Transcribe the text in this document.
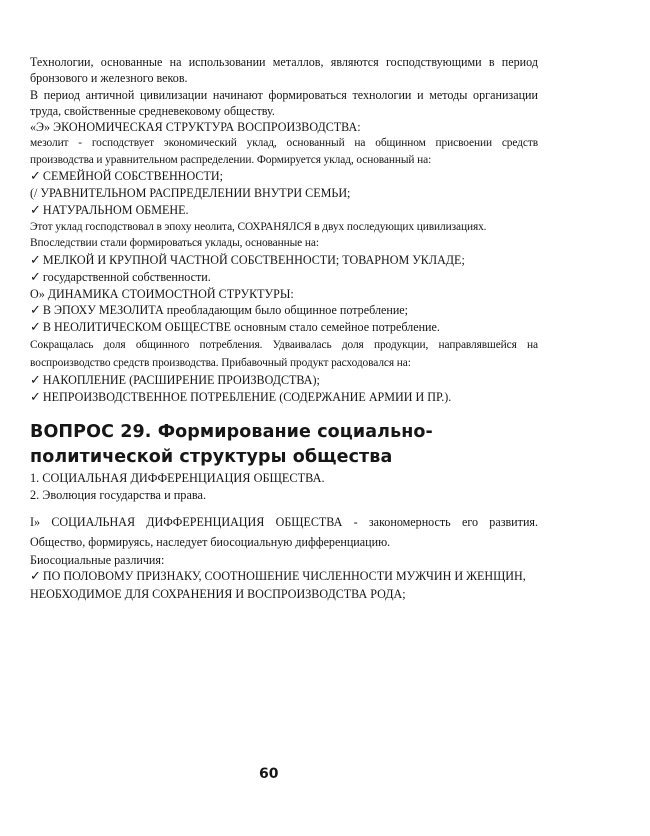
Технологии, основанные на использовании металлов, являются господствующими в период бронзового и железного веков.

В период античной цивилизации начинают формироваться технологии и методы организации труда, свойственные средневековому обществу.

«Э» ЭКОНОМИЧЕСКАЯ СТРУКТУРА ВОСПРОИЗВОДСТВА:

мезолит - господствует экономический уклад, основанный на общинном присвоении средств производства и уравнительном распределении. Формируется уклад, основанный на:

✓ СЕМЕЙНОЙ СОБСТВЕННОСТИ;

(/ УРАВНИТЕЛЬНОМ РАСПРЕДЕЛЕНИИ ВНУТРИ СЕМЬИ;

✓ НАТУРАЛЬНОМ ОБМЕНЕ.

Этот уклад господствовал в эпоху неолита, СОХРАНЯЛСЯ в двух последующих цивилизациях.

Впоследствии стали формироваться уклады, основанные на:

✓ МЕЛКОЙ И КРУПНОЙ ЧАСТНОЙ СОБСТВЕННОСТИ; ТОВАРНОМ УКЛАДЕ;

✓ государственной собственности.

О» ДИНАМИКА СТОИМОСТНОЙ СТРУКТУРЫ:

✓ В ЭПОХУ МЕЗОЛИТА преобладающим было общинное потребление;

✓ В НЕОЛИТИЧЕСКОМ ОБЩЕСТВЕ основным стало семейное потребление.

Сокращалась доля общинного потребления. Удваивалась доля продукции, направлявшейся на воспроизводство средств производства. Прибавочный продукт расходовался на:

✓ НАКОПЛЕНИЕ (РАСШИРЕНИЕ ПРОИЗВОДСТВА);

✓ НЕПРОИЗВОДСТВЕННОЕ ПОТРЕБЛЕНИЕ (СОДЕРЖАНИЕ АРМИИ И ПР.).

ВОПРОС 29. Формирование социально-политической структуры общества

1. СОЦИАЛЬНАЯ ДИФФЕРЕНЦИАЦИЯ ОБЩЕСТВА.

2. Эволюция государства и права.

I» СОЦИАЛЬНАЯ ДИФФЕРЕНЦИАЦИЯ ОБЩЕСТВА - закономерность его развития. Общество, формируясь, наследует биосоциальную дифференциацию.

Биосоциальные различия:

✓ ПО ПОЛОВОМУ ПРИЗНАКУ, СООТНОШЕНИЕ ЧИСЛЕННОСТИ МУЖЧИН И ЖЕНЩИН, НЕОБХОДИМОЕ ДЛЯ СОХРАНЕНИЯ И ВОСПРОИЗВОДСТВА РОДА;

60
